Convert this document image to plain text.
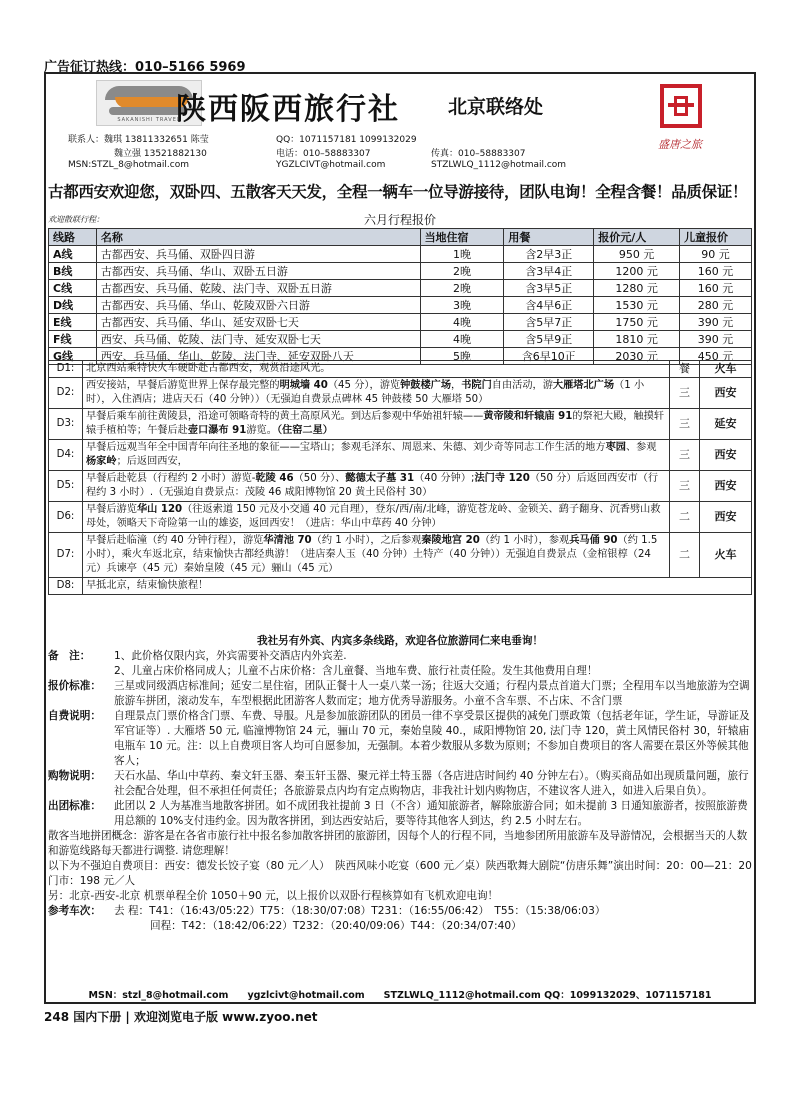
广告征订热线：010–5166 5969
SAKANISHI TRAVEL
陕西阪西旅行社	北京联络处
盛唐之旅
联系人：魏琪 13811332651 陈莹	QQ：1071157181 1099132029
魏立强 13521882130	电话：010–58883307	传真：010–58883307
MSN:STZL_8@hotmail.com	YGZLCIVT@hotmail.com	STZLWLQ_1112@hotmail.com
古都西安欢迎您，双卧四、五散客天天发，全程一辆车一位导游接待，团队电询！全程含餐！品质保证！
欢迎散联行程：	六月行程报价
线路	名称	当地住宿	用餐	报价元/人	儿童报价
A线	古都西安、兵马俑、双卧四日游	1晚	含2早3正	950 元	90 元
B线	古都西安、兵马俑、华山、双卧五日游	2晚	含3早4正	1200 元	160 元
C线	古都西安、兵马俑、乾陵、法门寺、双卧五日游	2晚	含3早5正	1280 元	160 元
D线	古都西安、兵马俑、华山、乾陵双卧六日游	3晚	含4早6正	1530 元	280 元
E线	古都西安、兵马俑、华山、延安双卧七天	4晚	含5早7正	1750 元	390 元
F线	西安、兵马俑、乾陵、法门寺、延安双卧七天	4晚	含5早9正	1810 元	390 元
G线	西安、兵马俑、华山、乾陵、法门寺、延安双卧八天	5晚	含6早10正	2030 元	450 元
D1:	北京西站乘特快火车硬卧赴古都西安，观赏沿途风光。	餐	火车
D2:	西安接站，早餐后游览世界上保存最完整的明城墙 40（45 分），游览钟鼓楼广场，书院门自由活动，游大雁塔北广场（1 小时），入住酒店；进店天石（40 分钟））（无强迫自费景点碑林 45 钟鼓楼 50 大雁塔 50）	三	西安
D3:	早餐后乘车前往黄陵县，沿途可领略奇特的黄土高原风光。到达后参观中华始祖轩辕——黄帝陵和轩辕庙 91的祭祀大殿，触摸轩辕手植柏等；午餐后赴壶口瀑布 91游览。（住窑二星）	三	延安
D4:	早餐后远观当年全中国青年向往圣地的象征——宝塔山；参观毛泽东、周恩来、朱德、刘少奇等同志工作生活的地方枣园、参观杨家岭；后返回西安，	三	西安
D5:	早餐后赴乾县（行程约 2 小时）游览-乾陵 46（50 分）、懿德太子墓 31（40 分钟）;法门寺 120（50 分）后返回西安市（行程约 3 小时）.（无强迫自费景点：茂陵 46 咸阳博物馆 20 黄土民俗村 30）	三	西安
D6:	早餐后游览华山 120（往返索道 150 元及小交通 40 元自理），登东/西/南/北峰，游览苍龙岭、金锁关、鹞子翻身、沉香劈山救母处，领略天下奇险第一山的雄姿，返回西安！（进店：华山中草药 40 分钟）	二	西安
D7:	早餐后赴临潼（约 40 分钟行程），游览华清池 70（约 1 小时），之后参观秦陵地宫 20（约 1 小时），参观兵马俑 90（约 1.5 小时），乘火车返北京，结束愉快古都经典游！（进店秦人玉（40 分钟）土特产（40 分钟））无强迫自费景点（金棺银椁（24 元）兵谏亭（45 元）秦始皇陵（45 元）骊山（45 元）	二	火车
D8:	早抵北京，结束愉快旅程！		
我社另有外宾、内宾多条线路，欢迎各位旅游同仁来电垂询！
备　注：	1、此价格仅限内宾，外宾需要补交酒店内外宾差.
2、儿童占床价格同成人；儿童不占床价格：含儿童餐、当地车费、旅行社责任险。发生其他费用自理！
报价标准：	三星或同级酒店标准间；延安二星住宿，团队正餐十人一桌八菜一汤；往返大交通；行程内景点首道大门票；全程用车以当地旅游为空调旅游车拼团，滚动发车，车型根据此团游客人数而定；地方优秀导游服务。小童不含车票、不占床、不含门票
自费说明：	自理景点门票价格含门票、车费、导服。凡是参加旅游团队的团员一律不享受景区提供的减免门票政策（包括老年证，学生证，导游证及军官证等）. 大雁塔 50 元, 临潼博物馆 24 元，骊山 70 元，秦始皇陵 40.，咸阳博物馆 20, 法门寺 120，黄土风情民俗村 30，轩辕庙电瓶车 10 元。注：以上自费项目客人均可自愿参加，无强制。本着少数服从多数为原则；不参加自费项目的客人需要在景区外等候其他客人；
购物说明：	天石水晶、华山中草药、秦文轩玉器、秦玉轩玉器、聚元祥土特玉器（各店进店时间约 40 分钟左右）。（购买商品如出现质量问题，旅行社会配合处理，但不承担任何责任；各旅游景点内均有定点购物店，非我社计划内购物店，不建议客人进入，如进入后果自负）。
出团标准：	此团以 2 人为基准当地散客拼团。如不成团我社提前 3 日（不含）通知旅游者，解除旅游合同；如未提前 3 日通知旅游者，按照旅游费用总额的 10%支付违约金。因为散客拼团，到达西安站后，要等待其他客人到达，约 2.5 小时左右。
散客当地拼团概念：游客是在各省市旅行社中报名参加散客拼团的旅游团，因每个人的行程不同，当地参团所用旅游车及导游情况，会根据当天的人数和游览线路每天都进行调整. 请您理解！
以下为不强迫自费项目：西安：德发长饺子宴（80 元／人）　陕西风味小吃宴（600 元／桌）陕西歌舞大剧院“仿唐乐舞”演出时间：20：00—21：20　门市：198 元／人
另：北京-西安-北京 机票单程全价 1050＋90 元，以上报价以双卧行程核算如有飞机欢迎电询！
参考车次：	去 程：T41：（16:43/05:22）T75：（18:30/07:08）T231：（16:55/06:42）　T55：（15:38/06:03）
回程：T42：（18:42/06:22）T232：（20:40/09:06）T44：（20:34/07:40）
MSN：stzl_8@hotmail.com　　ygzlcivt@hotmail.com　　STZLWLQ_1112@hotmail.com QQ：1099132029、1071157181
248 国内下册 | 欢迎浏览电子版 www.zyoo.net
